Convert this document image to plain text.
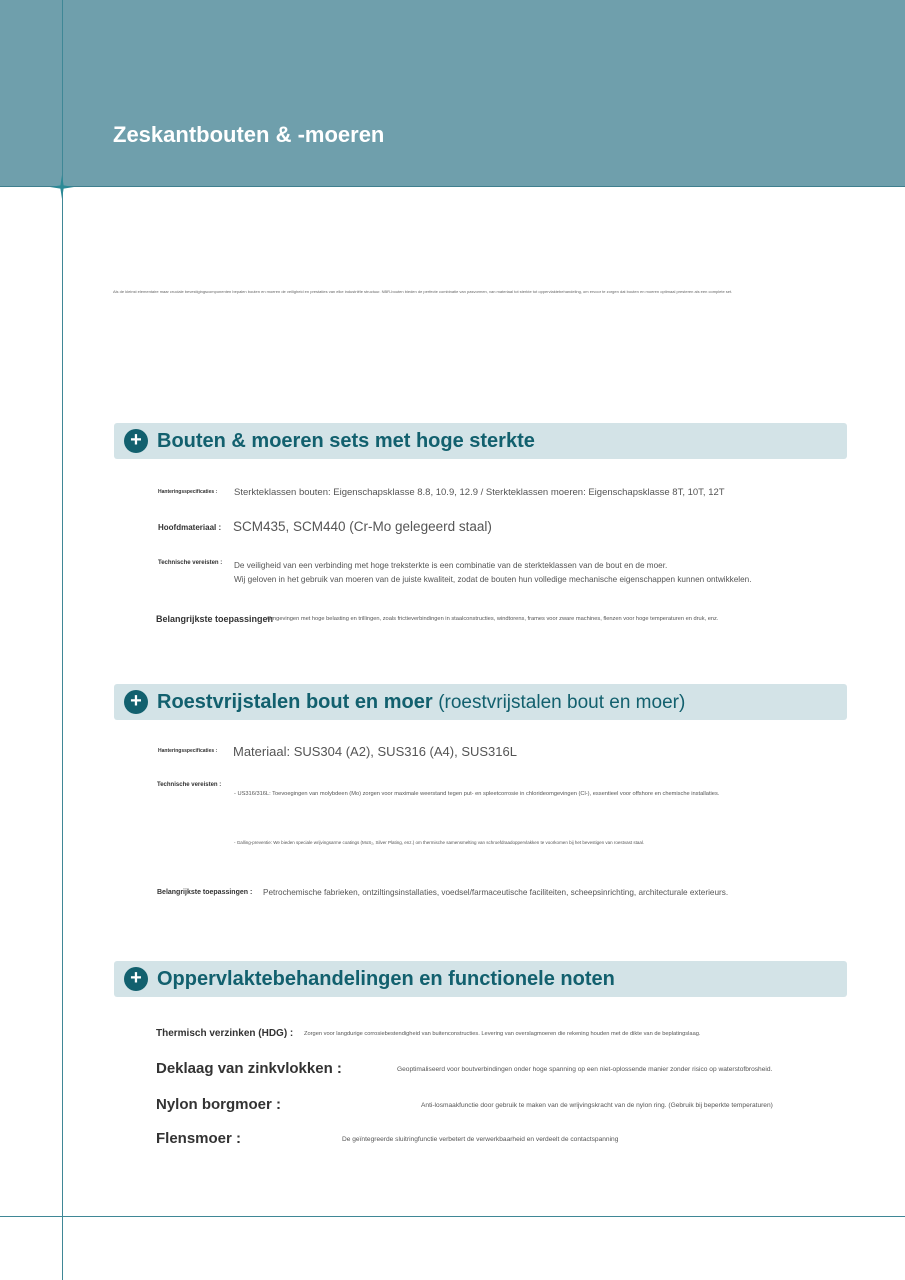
Zeskantbouten & -moeren

Als de kleinst elementaire maar cruciale bevestigingscomponenten bepalen bouten en moeren de veiligheid en prestaties van elke industriële structuur. NBR-bouten bieden de perfecte combinatie van pasvormen, van materiaal tot sterkte tot oppervlaktebehandeling, om ervoor te zorgen dat bouten en moeren optimaal presteren als een complete set.

+ Bouten & moeren sets met hoge sterkte
Hanteringsspecificaties : Sterkteklassen bouten: Eigenschapsklasse 8.8, 10.9, 12.9 / Sterkteklassen moeren: Eigenschapsklasse 8T, 10T, 12T
Hoofdmateriaal : SCM435, SCM440 (Cr-Mo gelegeerd staal)
Technische vereisten : De veiligheid van een verbinding met hoge treksterkte is een combinatie van de sterkteklassen van de bout en de moer.
Wij geloven in het gebruik van moeren van de juiste kwaliteit, zodat de bouten hun volledige mechanische eigenschappen kunnen ontwikkelen.
Belangrijkste toepassingen
Omgevingen met hoge belasting en trillingen, zoals frictieverbindingen in staalconstructies, windtorens, frames voor zware machines, flenzen voor hoge temperaturen en druk, enz.
+ Roestvrijstalen bout en moer (roestvrijstalen bout en moer)
Hanteringsspecificaties : Materiaal: SUS304 (A2), SUS316 (A4), SUS316L
Technische vereisten :
- US316/316L: Toevoegingen van molybdeen (Mo) zorgen voor maximale weerstand tegen put- en spleetcorrosie in chlorideomgevingen (Cl-), essentieel voor offshore en chemische installaties.
- Galling-preventie: We bieden speciale wrijvingsarme coatings (MoS₂, Silver Plating, enz.) om thermische samensmelting van schroefdraadoppervlakken te voorkomen bij het bevestigen van roestvast staal.
Belangrijkste toepassingen : Petrochemische fabrieken, ontziltingsinstallaties, voedsel/farmaceutische faciliteiten, scheepsinrichting, architecturale exterieurs.
+ Oppervlaktebehandelingen en functionele noten
Thermisch verzinken (HDG) : Zorgen voor langdurige corrosiebestendigheid van buitenconstructies. Levering van overslagmoeren die rekening houden met de dikte van de beplatingslaag.
Deklaag van zinkvlokken :	Geoptimaliseerd voor boutverbindingen onder hoge spanning op een niet-oplossende manier zonder risico op waterstofbrosheid.
Nylon borgmoer :	Anti-losmaakfunctie door gebruik te maken van de wrijvingskracht van de nylon ring. (Gebruik bij beperkte temperaturen)
Flensmoer :	De geïntegreerde sluitringfunctie verbetert de verwerkbaarheid en verdeelt de contactspanning
